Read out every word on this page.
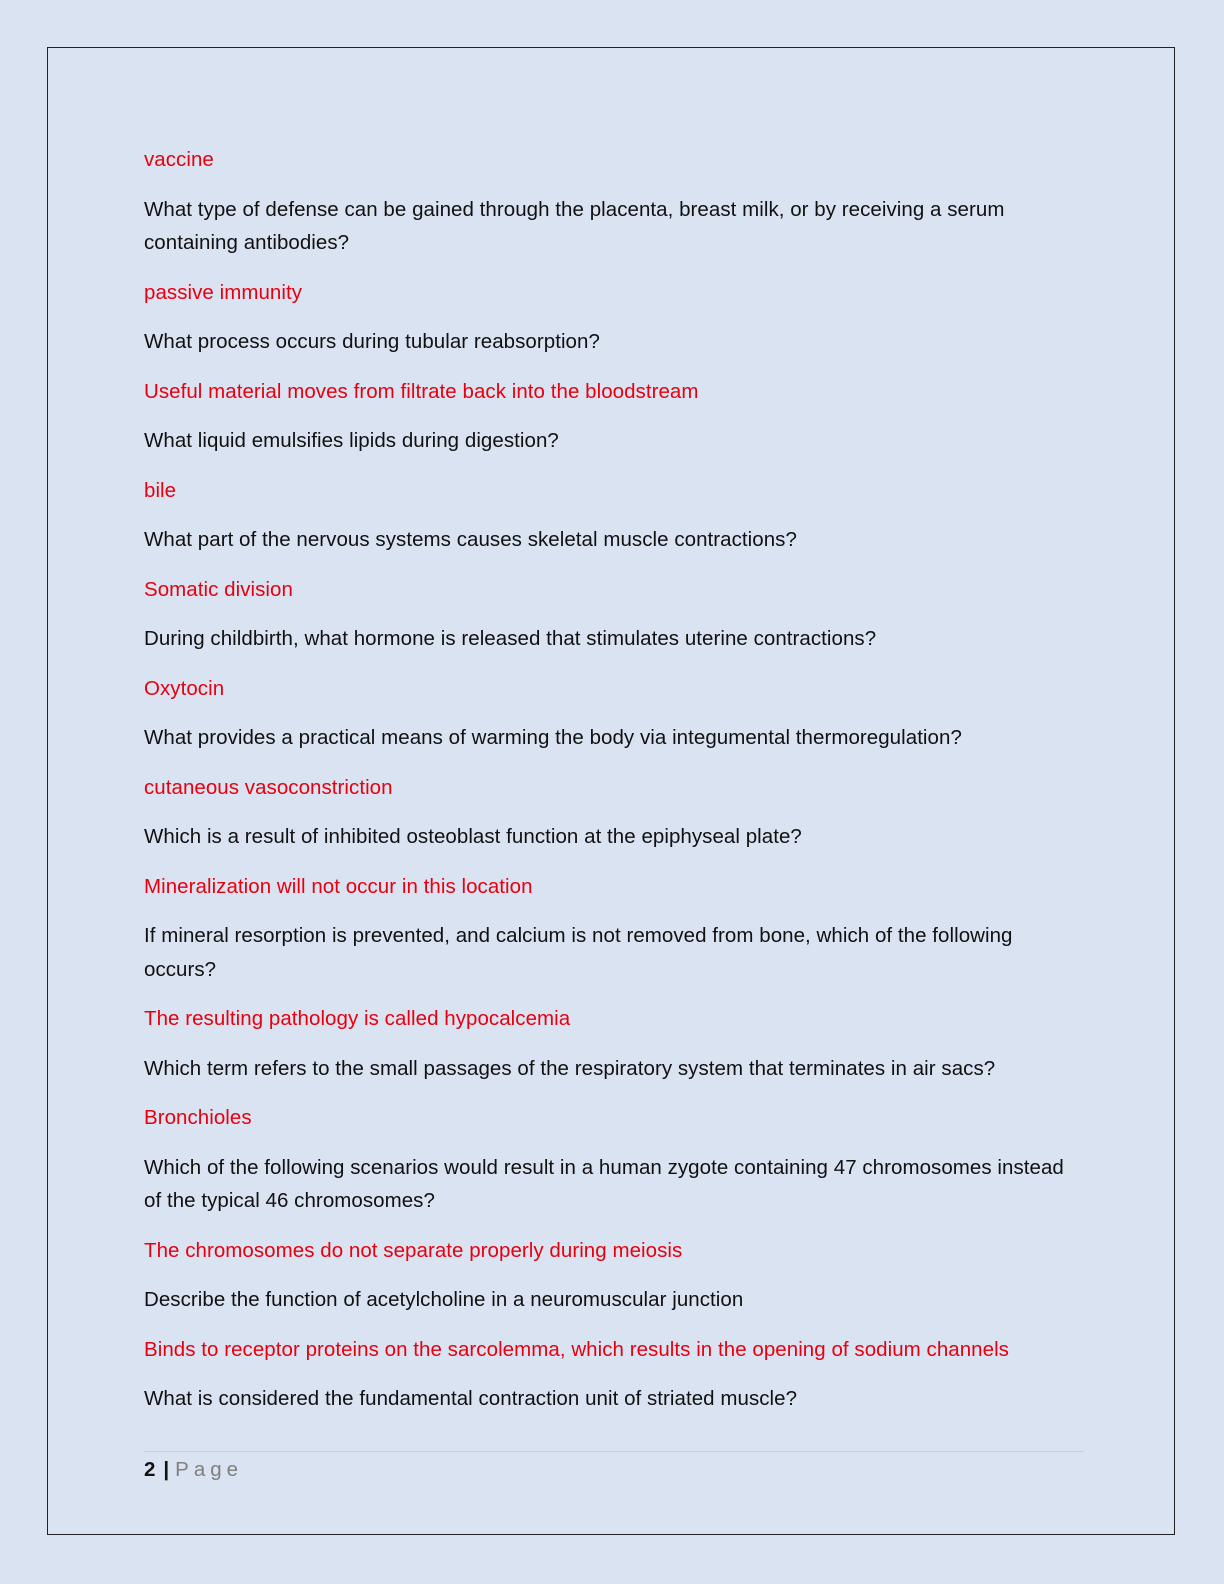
vaccine

What type of defense can be gained through the placenta, breast milk, or by receiving a serum containing antibodies?

passive immunity

What process occurs during tubular reabsorption?

Useful material moves from filtrate back into the bloodstream

What liquid emulsifies lipids during digestion?

bile

What part of the nervous systems causes skeletal muscle contractions?

Somatic division

During childbirth, what hormone is released that stimulates uterine contractions?

Oxytocin

What provides a practical means of warming the body via integumental thermoregulation?

cutaneous vasoconstriction

Which is a result of inhibited osteoblast function at the epiphyseal plate?

Mineralization will not occur in this location

If mineral resorption is prevented, and calcium is not removed from bone, which of the following occurs?

The resulting pathology is called hypocalcemia

Which term refers to the small passages of the respiratory system that terminates in air sacs?

Bronchioles

Which of the following scenarios would result in a human zygote containing 47 chromosomes instead of the typical 46 chromosomes?

The chromosomes do not separate properly during meiosis

Describe the function of acetylcholine in a neuromuscular junction

Binds to receptor proteins on the sarcolemma, which results in the opening of sodium channels

What is considered the fundamental contraction unit of striated muscle?

2 | Page
